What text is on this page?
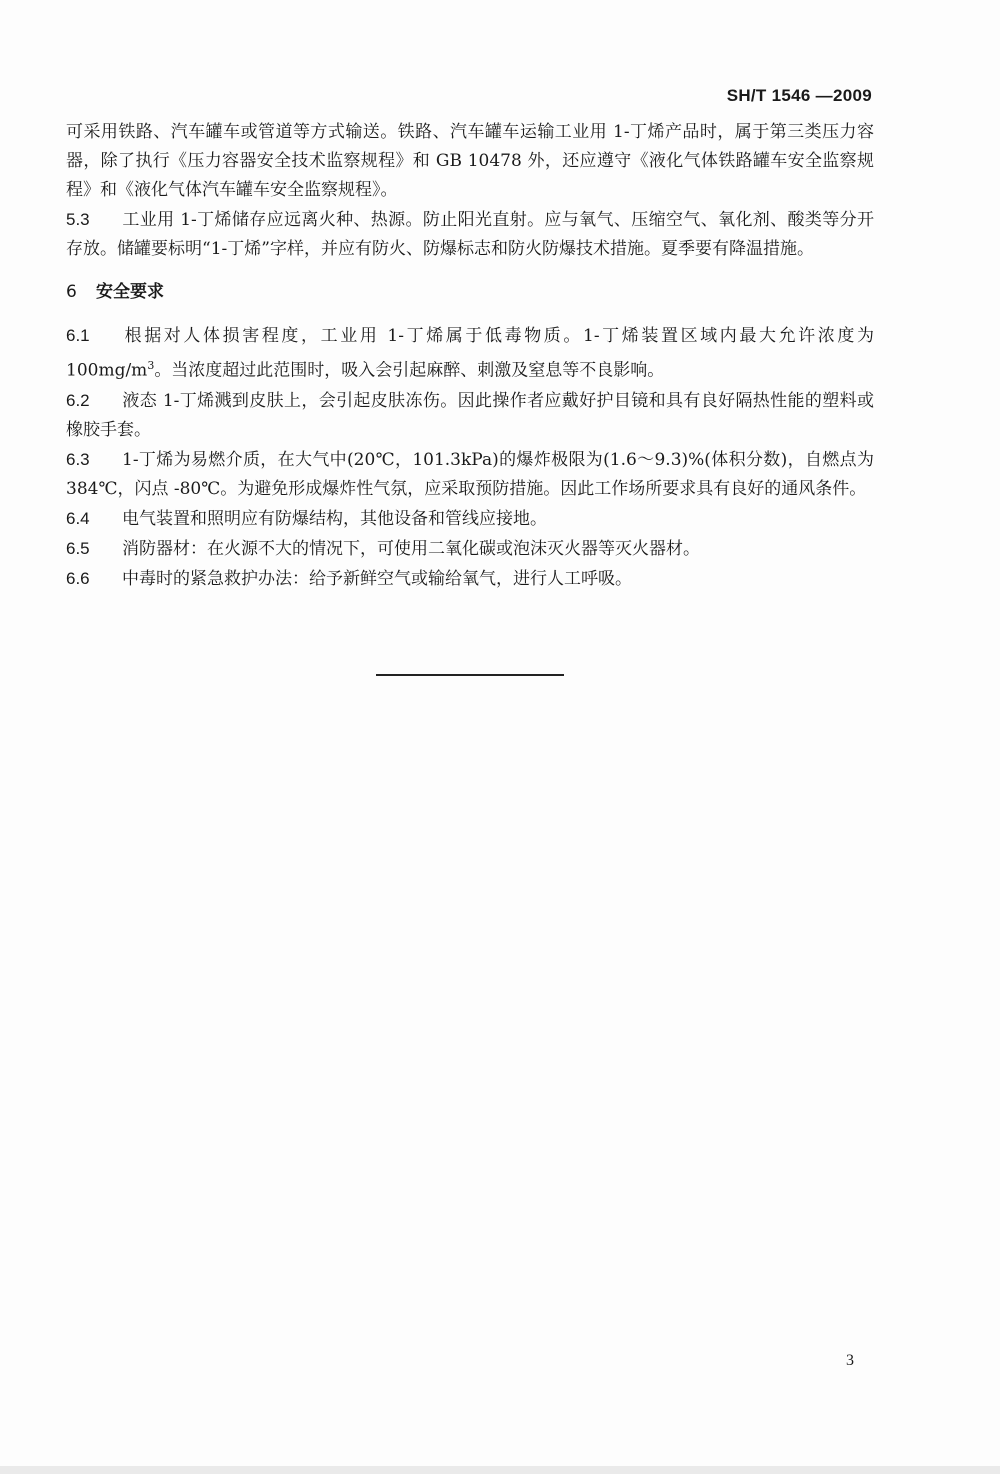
SH/T 1546 —2009

可采用铁路、汽车罐车或管道等方式输送。铁路、汽车罐车运输工业用 1-丁烯产品时，属于第三类压力容器，除了执行《压力容器安全技术监察规程》和 GB 10478 外，还应遵守《液化气体铁路罐车安全监察规程》和《液化气体汽车罐车安全监察规程》。

5.3 工业用 1-丁烯储存应远离火种、热源。防止阳光直射。应与氧气、压缩空气、氧化剂、酸类等分开存放。储罐要标明“1-丁烯”字样，并应有防火、防爆标志和防火防爆技术措施。夏季要有降温措施。

6 安全要求

6.1 根据对人体损害程度，工业用 1-丁烯属于低毒物质。1-丁烯装置区域内最大允许浓度为 $100mg/m^3$。当浓度超过此范围时，吸入会引起麻醉、刺激及窒息等不良影响。

6.2 液态 1-丁烯溅到皮肤上，会引起皮肤冻伤。因此操作者应戴好护目镜和具有良好隔热性能的塑料或橡胶手套。

6.3 1-丁烯为易燃介质，在大气中(20℃，101.3kPa)的爆炸极限为(1.6～9.3)%(体积分数)，自燃点为 384℃，闪点 -80℃。为避免形成爆炸性气氛，应采取预防措施。因此工作场所要求具有良好的通风条件。

6.4 电气装置和照明应有防爆结构，其他设备和管线应接地。

6.5 消防器材：在火源不大的情况下，可使用二氧化碳或泡沫灭火器等灭火器材。

6.6 中毒时的紧急救护办法：给予新鲜空气或输给氧气，进行人工呼吸。

3
